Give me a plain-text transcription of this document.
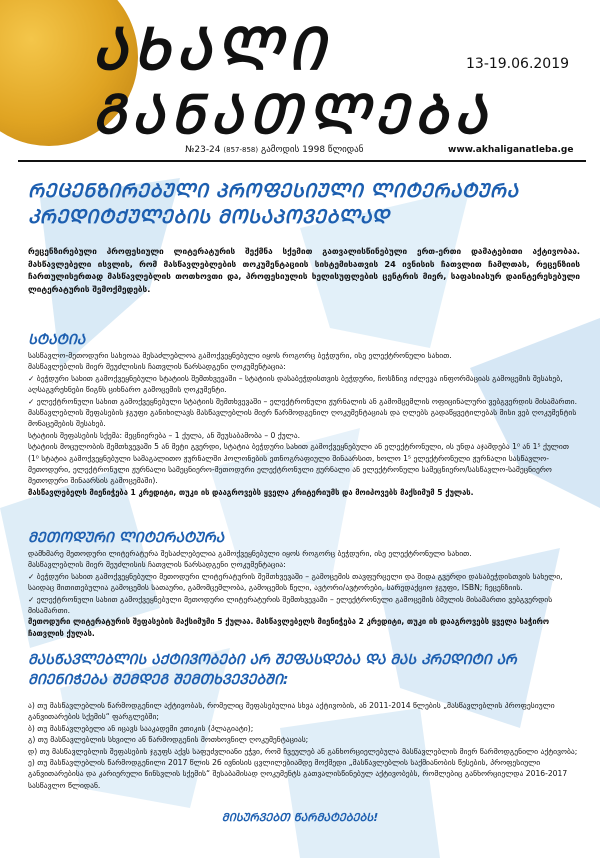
ᲐᲮᲐᲚᲘ
ᲒᲐᲜᲐᲗᲚᲔᲑᲐ
13-19.06.2019
№23-24 (857-858) გამოდის 1998 წლიდან	www.akhaliganatleba.ge
ᲠᲔᲪᲔᲜᲖᲘᲠᲔᲑᲣᲚᲘ ᲞᲠᲝᲤᲔᲡᲘᲣᲚᲘ ᲚᲘᲢᲔᲠᲐᲢᲣᲠᲐ ᲙᲠᲔᲓᲘᲢᲥᲣᲚᲔᲑᲘᲡ ᲛᲝᲡᲐᲞᲝᲕᲔᲑᲚᲐᲓ
რეცენზირებული პროფესიული ლიტერატურის შექმნა სქემით გათვალისწინებული ერთ-ერთი დამატებითი აქტივობაა. მასწავლებელი ისვლის, რომ მასწავლებლების თოკუმენტაციის სისტემისათვის 24 ივნისის ჩათვლით ჩამლთას, რეცენზიის ჩართულისერთად მასწავლებლის თოთხოვთი და, პროფესიულის ხელისუფლების ცენტრის მიერ, საფასიასურ დაინტერესებული ლიტერატურის შემოქმედებს.
ᲡᲢᲐᲢᲘᲐ

სასწავლო-მეთოდური სახეოაა მესაძლებლოა გამოქვეყნებული იყოს როგორც ბეჭდური, ისე ელექტრონული სახით.

მასწავლებლის მიერ შეუძლისის ჩათვლის წარსადგენი ღოკუმენტაცია:

✓ ბეჭდური სახით გამოქვეყნებული სტატიის შემთხვევაში – სტატიის დასაბეჭდისთვის ბეჭდური, ჩოსზნივ იძლევა ინფორმაციას გამოცემის შესახებ, აღსაგვრეხნები წიგნს ციხნარო გამოცემის ღოკუმენტი.

✓ ელექტრონული სახით გამოქვეყნებული სტატიის შემთხვევაში – ელექტრონული ჟურნალის ან გამომცემლის ოფიცინალური ვებგვერდის მისამართი.

მასწავლებლის შეფასების ჯგუფი განიხილავს მასწავლებლის მიერ წარმოდგენილ ღოკუმენტაციას და ღლებს გადაწყვეტილებას მისი ვებ ღოკუმენტის მონაცემების შესახებ.

სტატიის შეფასების სქემა: მეცნიერება – 1 ქულა, ან შეუსაბამობა – 0 ქულა.

სტატიის მოცულობის შემთხვევაში 5 ან მეტი გვერდი, სტატია ბეჭდური სახით გამოქვეყნებული ან ელექტრონული, ის უნდა აჯამდება 1⁰ ან 1⁵ ქულით (1⁰ სტატია გამოქვეყნებული სამაგალითო ჟურნალში ჰოლონების ეთნოგრაფიული შინაარსით, ხოლო 1⁵ ელექტრონული ჟურნალი სასწავლო-მეთოდური, ელექტრონული ჟურნალი სამეცნიერო-მეთოდური ელექტრონული ჟურნალი ან ელექტრონული სამეცნიერო/სასწავლო-სამეცნიერო მეთოდური შინაარსის გამოცემაში).

მასწავლებელს მიენიჭება 1 კრედიტი, თუკი ის დააგროვებს ყველა კრიტერიუმს და მოიპოვებს მაქსიმუმ 5 ქულას.

ᲛᲔᲗᲝᲓᲣᲠᲘ ᲚᲘᲢᲔᲠᲐᲢᲣᲠᲐ

დამხმარე მეთოდური ლიტერატურა შესაძლებელია გამოქვეყნებული იყოს როგორც ბეჭდური, ისე ელექტრონული სახით.

მასწავლებლის მიერ შეუძლისის ჩათვლის წარსადგენი ღოკუმენტაცია:

✓ ბეჭდური სახით გამოქვეყნებული მეთოდური ლიტერატურის შემთხვევაში – გამოცემის თავფურცელი და შიდა გვერდი დასაბეჭდისთვის სახელი, საიდაც მითითებულია გამოცემის სათაური, გამომცემლობა, გამოცემის წელი, ავტორი/ავტორები, სარედაქციო ჯგუფი, ISBN; ჩეცენზიის.

✓ ელექტრონული სახით გამოქვეყნებული მეთოდური ლიტერატურის შემთხვევაში – ელექტრონული გამოცემის ბმულის მისამართი ვებგვერდის მისამართი.

მეთოდური ლიტერატურის შეფასების მაქსიმუმი 5 ქულაა. მასწავლებელს მიენიჭება 2 კრედიტი, თუკი ის დააგროვებს ყველა საჭირო ჩათვლის ქულას.

ᲛᲐᲡᲬᲐᲕᲚᲔᲑᲚᲘᲡ ᲐᲥᲢᲘᲕᲝᲑᲔᲑᲘ ᲐᲠ ᲨᲔᲤᲐᲡᲓᲔᲑᲐ ᲓᲐ ᲛᲐᲡ ᲙᲠᲔᲓᲘᲢᲘ ᲐᲠ ᲛᲘᲔᲜᲘᲭᲔᲑᲐ ᲨᲔᲛᲓᲔᲒ ᲨᲔᲛᲗᲮᲕᲔᲕᲔᲑᲨᲘ:

ა) თუ მასწავლებლის წარმოდგენილ აქტივობას, რომელიც შეფასებულია სხვა აქტივობის, ან 2011-2014 წლების „მასწავლებლის პროფესიული განვითარების სქემის“ ფარგლებში;

ბ) თუ მასწავლებელი ან იცავს სააკადემი ეთიკის (პლაგიატი);

გ) თუ მასწავლებლის სხვილი ან წარმოდგენის მოთხოვნილ ღოკუმენტაციას;

დ) თუ მასწავლებლის შეფასების ჯგუფს აქვს საფუძვლიანი ეჭვი, რომ ჩვეულებ ან განხორციელებულა მასწავლებლის მიერ წარმოდგენილი აქტივობა;

ე) თუ მასწავლებლის წარმოდგენილი 2017 წლის 26 ივნისის ცვლილებიამდე მოქმედი „მასწავლებლის საქმიანობის წესების, პროფესიული განვითარებისა და კარიერული წინსვლის სქემის“ შესაბამისად ღოკუმენტს გათვალისწინებულ აქტივობებს, რომლებიც განხორციელდა 2016-2017 სასწავლო წლიდან.

ᲛᲘᲡᲣᲠᲕᲔᲑᲗ ᲬᲐᲠᲛᲐᲢᲔᲑᲔᲑᲡ!
